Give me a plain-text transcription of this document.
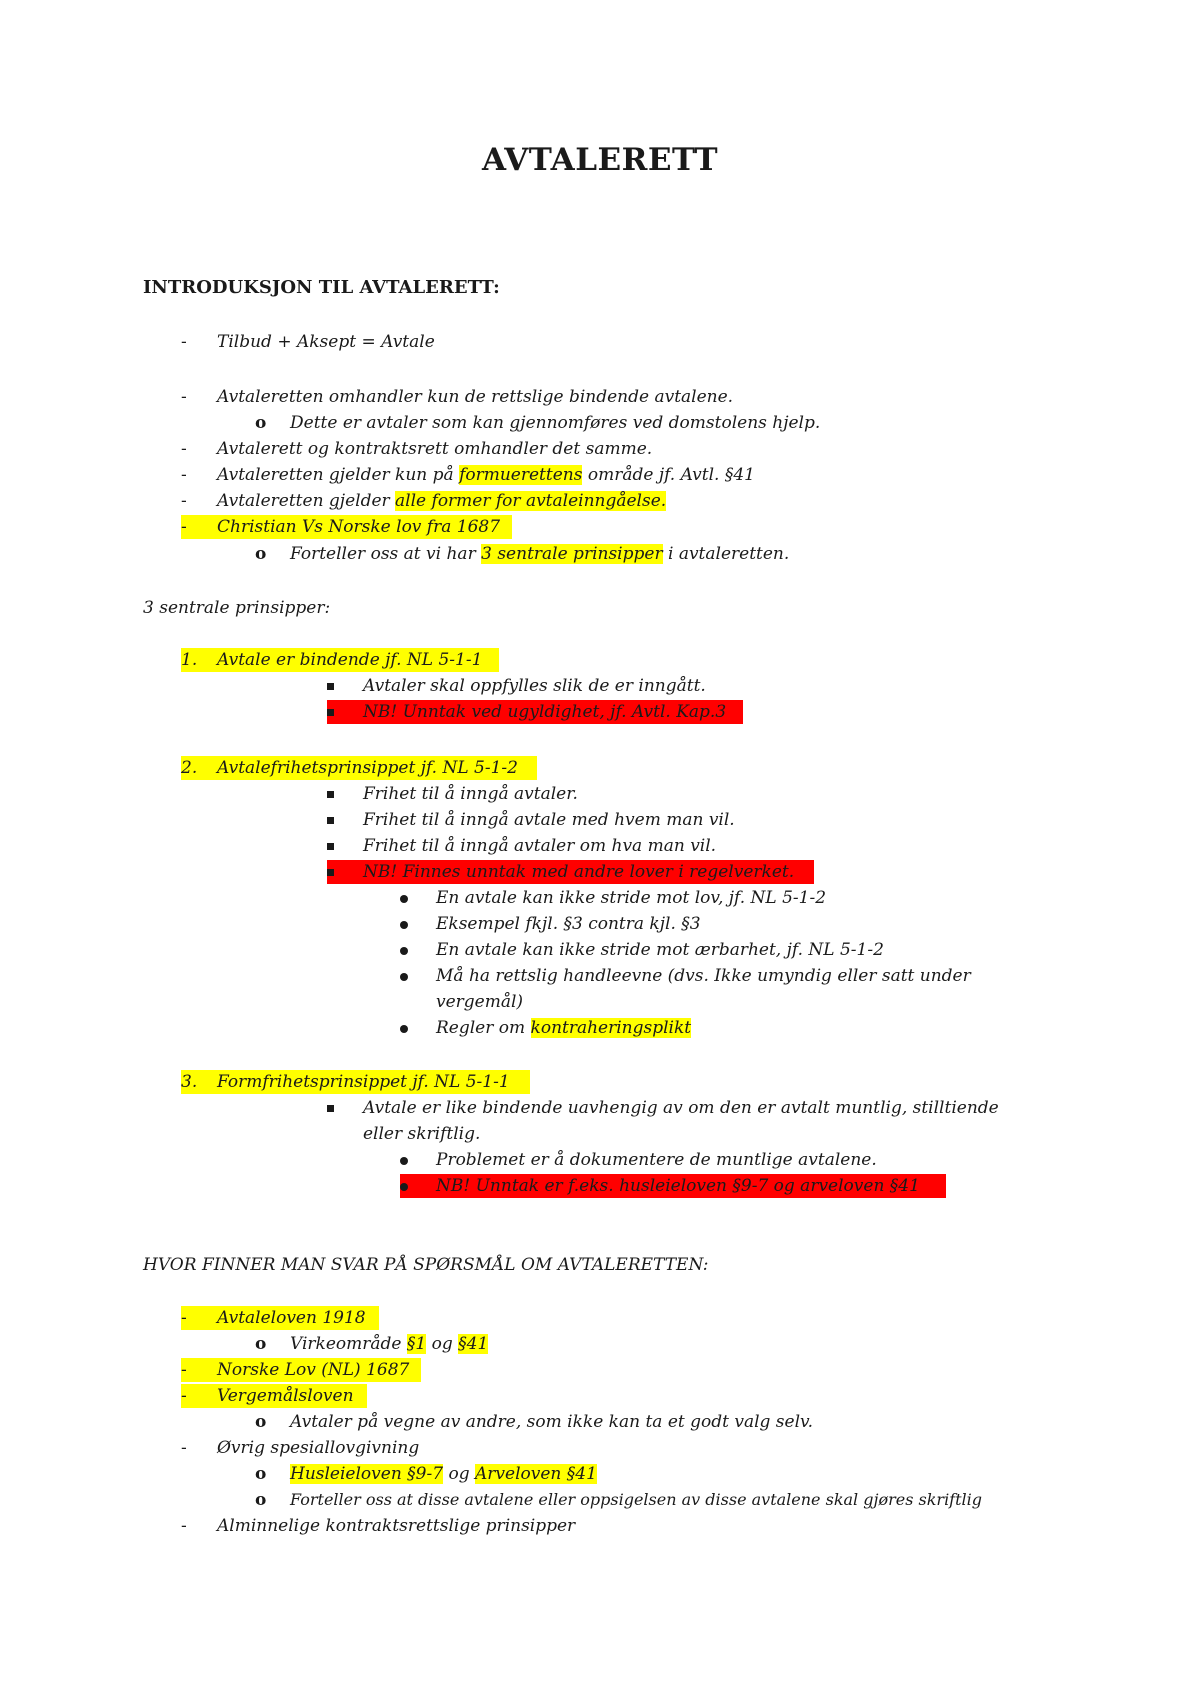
AVTALERETT
INTRODUKSJON TIL AVTALERETT:
- Tilbud + Aksept = Avtale
- Avtaleretten omhandler kun de rettslige bindende avtalene.
o Dette er avtaler som kan gjennomføres ved domstolens hjelp.
- Avtalerett og kontraktsrett omhandler det samme.
- Avtaleretten gjelder kun på formuerettens område jf. Avtl. §41
- Avtaleretten gjelder alle former for avtaleinngåelse.
- Christian Vs Norske lov fra 1687
o Forteller oss at vi har 3 sentrale prinsipper i avtaleretten.
3 sentrale prinsipper:
1. Avtale er bindende jf. NL 5-1-1
Avtaler skal oppfylles slik de er inngått.
NB! Unntak ved ugyldighet, jf. Avtl. Kap.3
2. Avtalefrihetsprinsippet jf. NL 5-1-2
Frihet til å inngå avtaler.
Frihet til å inngå avtale med hvem man vil.
Frihet til å inngå avtaler om hva man vil.
NB! Finnes unntak med andre lover i regelverket.
En avtale kan ikke stride mot lov, jf. NL 5-1-2
Eksempel fkjl. §3 contra kjl. §3
En avtale kan ikke stride mot ærbarhet, jf. NL 5-1-2
Må ha rettslig handleevne (dvs. Ikke umyndig eller satt under
vergemål)
Regler om kontraheringsplikt
3. Formfrihetsprinsippet jf. NL 5-1-1
Avtale er like bindende uavhengig av om den er avtalt muntlig, stilltiende
eller skriftlig.
Problemet er å dokumentere de muntlige avtalene.
NB! Unntak er f.eks. husleieloven §9-7 og arveloven §41
HVOR FINNER MAN SVAR PÅ SPØRSMÅL OM AVTALERETTEN:
- Avtaleloven 1918
o Virkeområde §1 og §41
- Norske Lov (NL) 1687
- Vergemålsloven
o Avtaler på vegne av andre, som ikke kan ta et godt valg selv.
- Øvrig spesiallovgivning
o Husleieloven §9-7 og Arveloven §41
o Forteller oss at disse avtalene eller oppsigelsen av disse avtalene skal gjøres skriftlig
- Alminnelige kontraktsrettslige prinsipper
